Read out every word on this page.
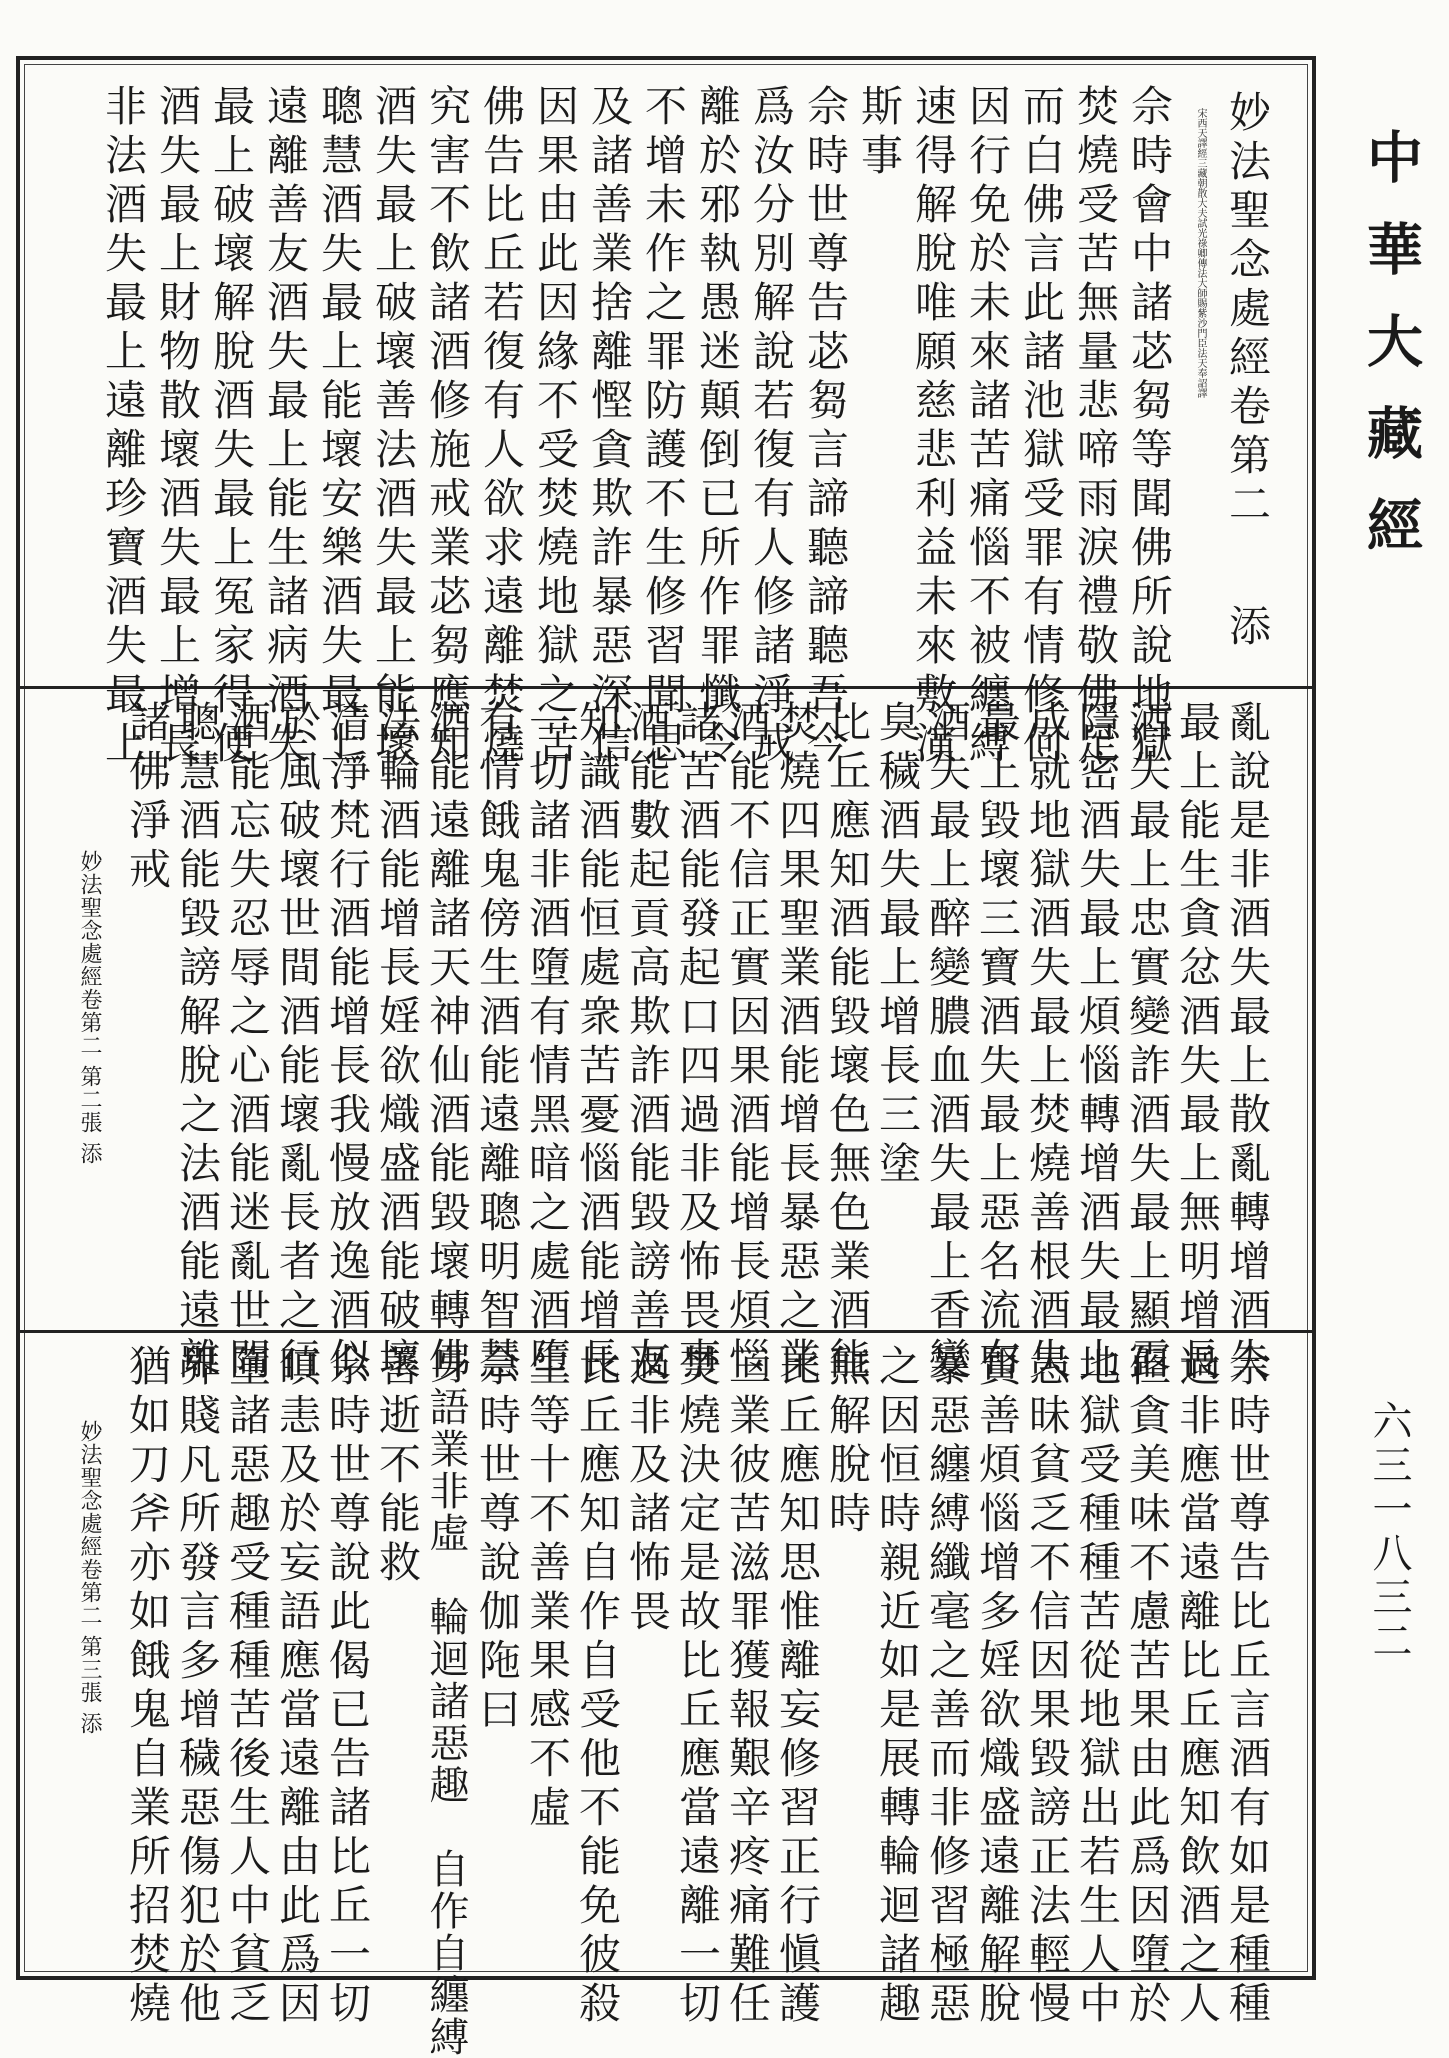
中華大藏經
六三一八三二
妙法聖念處經卷第二
添
宋西天譯經三藏朝散大夫試光祿卿傳法大師賜紫沙門臣法天奉詔譯
佘時會中諸苾芻等聞佛所說地獄
焚燒受苦無量悲啼雨淚禮敬佛足
而白佛言此諸池獄受罪有情修何
因行免於未來諸苦痛惱不被纏縛
速得解脫唯願慈悲利益未來敷演
斯事
佘時世尊告苾芻言諦聽諦聽吾今
爲汝分別解說若復有人修諸淨戒
離於邪執愚迷顛倒已所作罪懺令
不增未作之罪防護不生修習聞思
及諸善業捨離慳貪欺詐暴惡深信
因果由此因緣不受焚燒地獄之苦
佛告比丘若復有人欲求遠離焚燒
究害不飲諸酒修施戒業苾芻應知
酒失最上破壞善法酒失最上能壞
聰慧酒失最上能壞安樂酒失最上
遠離善友酒失最上能生諸病酒失
最上破壞解脫酒失最上冤家得便
酒失最上財物散壞酒失最上增長
非法酒失最上遠離珍寶酒失最上
亂說是非酒失最上散亂轉增酒失
最上能生貪忿酒失最上無明增長
酒失最上忠實變詐酒失最上顯露
隱密酒失最上煩惱轉增酒失最上
成就地獄酒失最上焚燒善根酒失
最上毀壞三寶酒失最上惡名流布
酒失最上醉變膿血酒失最上香變
臭穢酒失最上增長三塗
比丘應知酒能毀壞色無色業酒能
焚燒四果聖業酒能增長暴惡之業
酒能不信正實因果酒能增長煩惱
諸苦酒能發起口四過非及怖畏事
酒能數起貢高欺詐酒能毀謗善友
知識酒能恒處衆苦憂惱酒能增長
一切諸非酒墮有情黑暗之處酒墮
有情餓鬼傍生酒能遠離聰明智慧
酒能遠離諸天神仙酒能毀壞轉佛
法輪酒能增長婬欲熾盛酒能破壞
清淨梵行酒能增長我慢放逸酒似
於風破壞世間酒能壞亂長者之行
酒能忘失忍辱之心酒能迷亂世間
聰慧酒能毀謗解脫之法酒能遠離
諸佛淨戒
妙法聖念處經卷第二 第二張 添
佘時世尊告比丘言酒有如是種種
過非應當遠離比丘應知飲酒之人
但貪美味不慮苦果由此爲因墮於
地獄受種種苦從地獄出若生人中
愚昧貧乏不信因果毀謗正法輕慢
賢善煩惱增多婬欲熾盛遠離解脫
暴惡纏縛纖毫之善而非修習極惡
之因恒時親近如是展轉輪迴諸趣
無解脫時
比丘應知思惟離妄修習正行愼護
三業彼苦滋罪獲報艱辛疼痛難任
焚燒決定是故比丘應當遠離一切
過非及諸怖畏
比丘應知自作自受他不能免彼殺
生等十不善業果感不虛
佘時世尊說伽陁曰
身語業非虛　輪迴諸惡趣　自作自纏縛
善逝不能救
佘時世尊說此偈已告諸比丘一切
瞋恚及於妄語應當遠離由此爲因
墮諸惡趣受種種苦後生人中貧乏
界賤凡所發言多增穢惡傷犯於他
猶如刀斧亦如餓鬼自業所招焚燒
妙法聖念處經卷第二 第三張 添
